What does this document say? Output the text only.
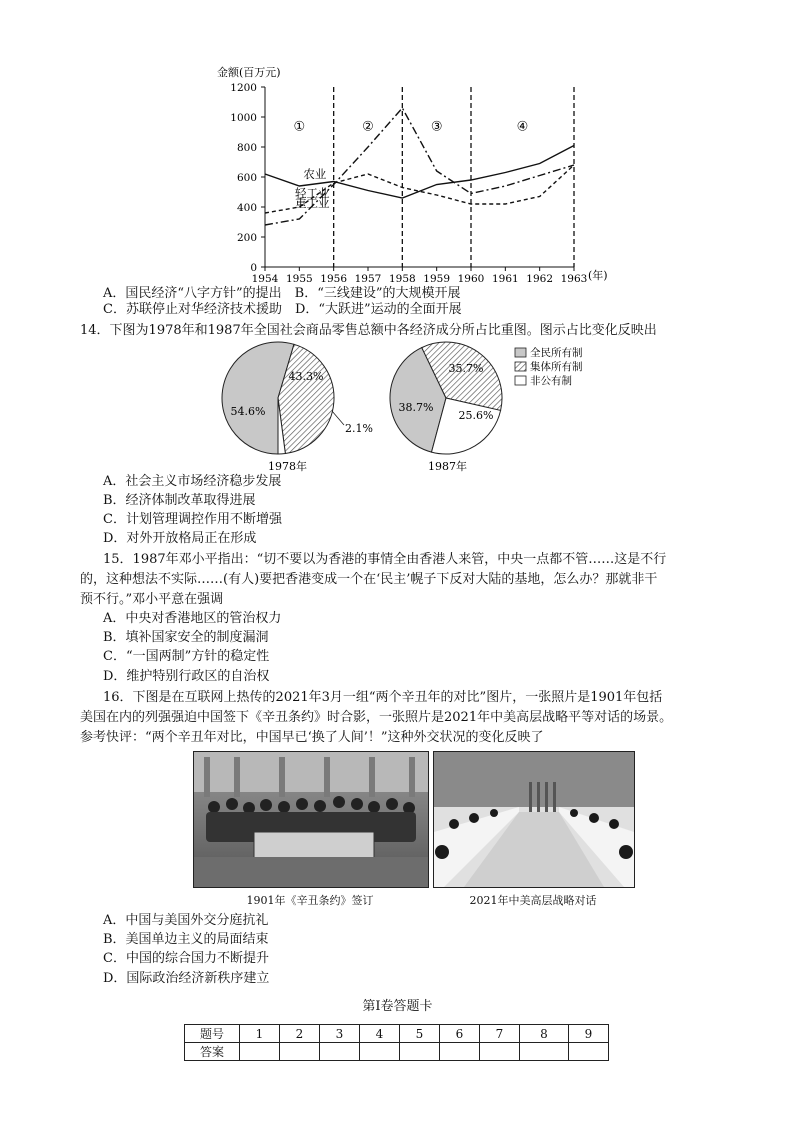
金额(百万元)
0
200
400
600
800
1000
1200
1954 1955 1956 1957 1958 1959 1960 1961 1962 1963
①	②	③	④
农业
轻工业
重工业
(年)
A．国民经济“八字方针”的提出　B．“三线建设”的大规模开展
C．苏联停止对华经济技术援助　D．“大跃进”运动的全面开展
14．下图为1978年和1987年全国社会商品零售总额中各经济成分所占比重图。图示占比变化反映出
54.6%
43.3%
2.1%
38.7%
35.7%
25.6%
1978年	1987年
全民所有制
集体所有制
非公有制
A．社会主义市场经济稳步发展
B．经济体制改革取得进展
C．计划管理调控作用不断增强
D．对外开放格局正在形成
15．1987年邓小平指出：“切不要以为香港的事情全由香港人来管，中央一点都不管……这是不行
的，这种想法不实际……(有人)要把香港变成一个在‘民主’幌子下反对大陆的基地，怎么办？那就非干
预不行。”邓小平意在强调
A．中央对香港地区的管治权力
B．填补国家安全的制度漏洞
C．“一国两制”方针的稳定性
D．维护特别行政区的自治权
16．下图是在互联网上热传的2021年3月一组“两个辛丑年的对比”图片，一张照片是1901年包括
美国在内的列强强迫中国签下《辛丑条约》时合影，一张照片是2021年中美高层战略平等对话的场景。
参考快评：“两个辛丑年对比，中国早已‘换了人间’！”这种外交状况的变化反映了
1901年《辛丑条约》签订	2021年中美高层战略对话
A．中国与美国外交分庭抗礼
B．美国单边主义的局面结束
C．中国的综合国力不断提升
D．国际政治经济新秩序建立
第Ⅰ卷答题卡
题号	1	2	3	4	5	6	7	8	9
答案									
